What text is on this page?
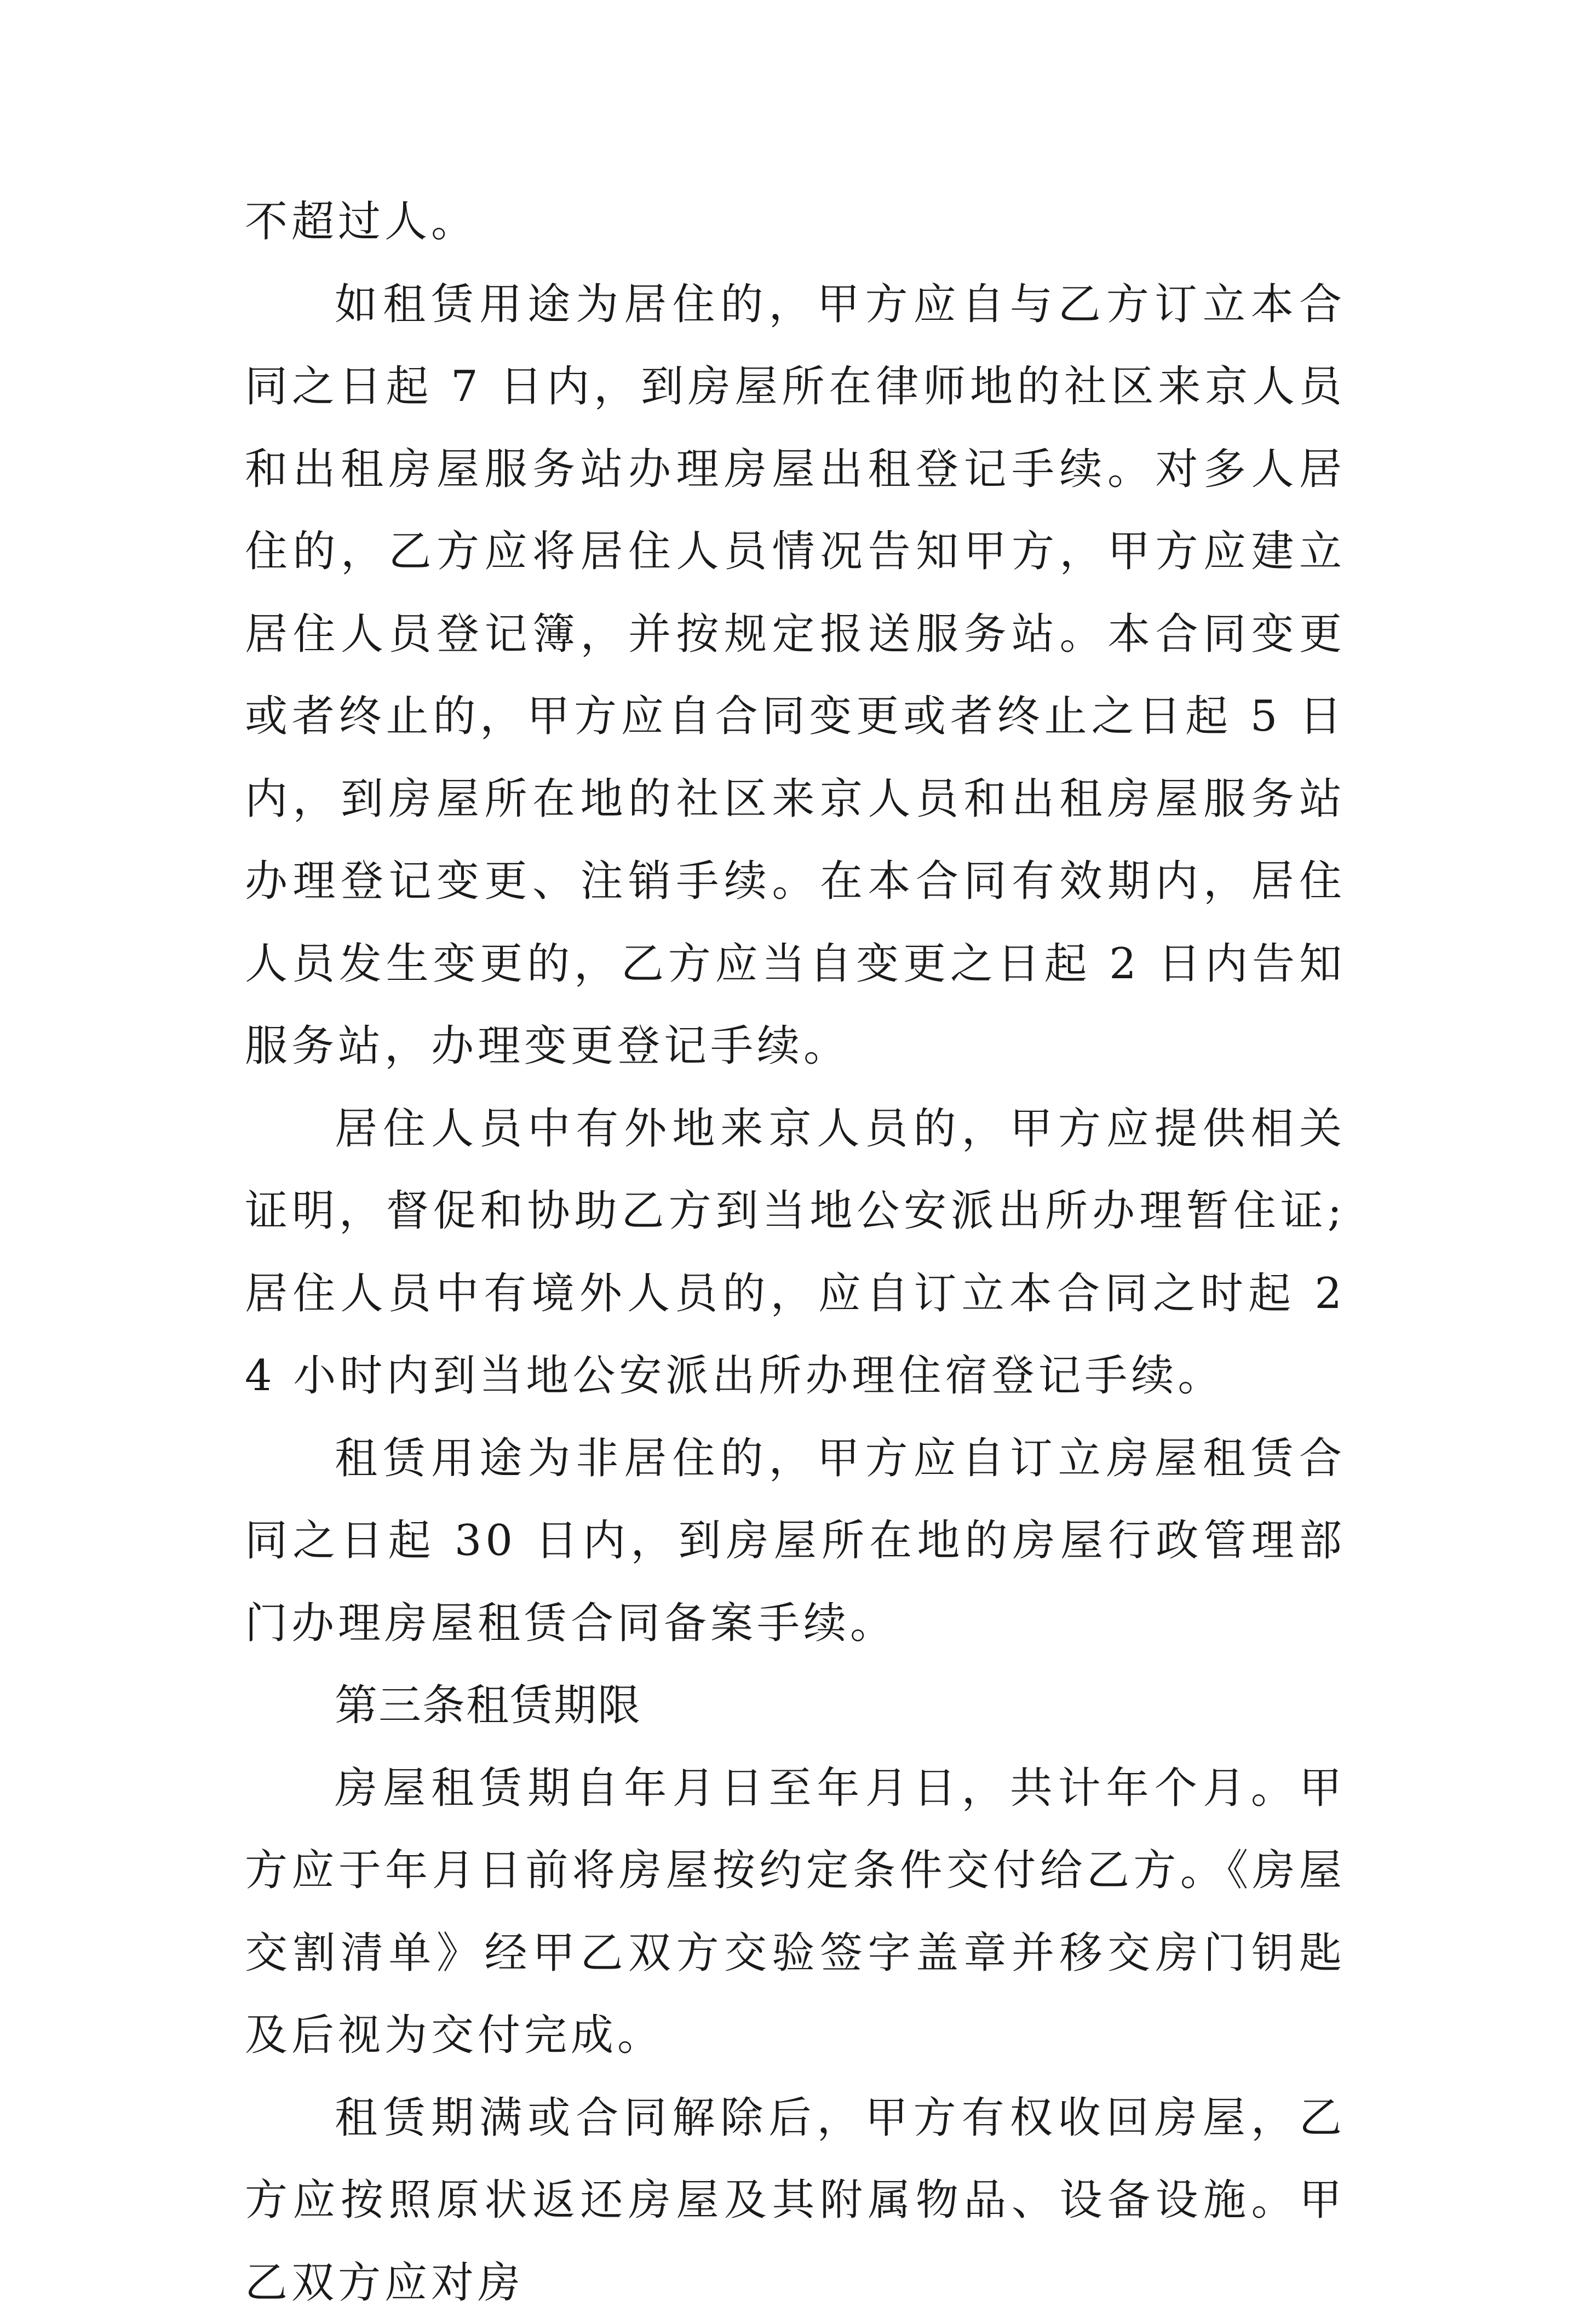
不超过人。

如租赁用途为居住的，甲方应自与乙方订立本合同之日起 7 日内，到房屋所在律师地的社区来京人员和出租房屋服务站办理房屋出租登记手续。对多人居住的，乙方应将居住人员情况告知甲方，甲方应建立居住人员登记簿，并按规定报送服务站。本合同变更或者终止的，甲方应自合同变更或者终止之日起 5 日内，到房屋所在地的社区来京人员和出租房屋服务站办理登记变更、注销手续。在本合同有效期内，居住人员发生变更的，乙方应当自变更之日起 2 日内告知服务站，办理变更登记手续。

居住人员中有外地来京人员的，甲方应提供相关证明，督促和协助乙方到当地公安派出所办理暂住证;居住人员中有境外人员的，应自订立本合同之时起 24 小时内到当地公安派出所办理住宿登记手续。

租赁用途为非居住的，甲方应自订立房屋租赁合同之日起 30 日内，到房屋所在地的房屋行政管理部门办理房屋租赁合同备案手续。

第三条租赁期限

房屋租赁期自年月日至年月日，共计年个月。甲方应于年月日前将房屋按约定条件交付给乙方。《房屋交割清单》经甲乙双方交验签字盖章并移交房门钥匙及后视为交付完成。

租赁期满或合同解除后，甲方有权收回房屋，乙方应按照原状返还房屋及其附属物品、设备设施。甲乙双方应对房
